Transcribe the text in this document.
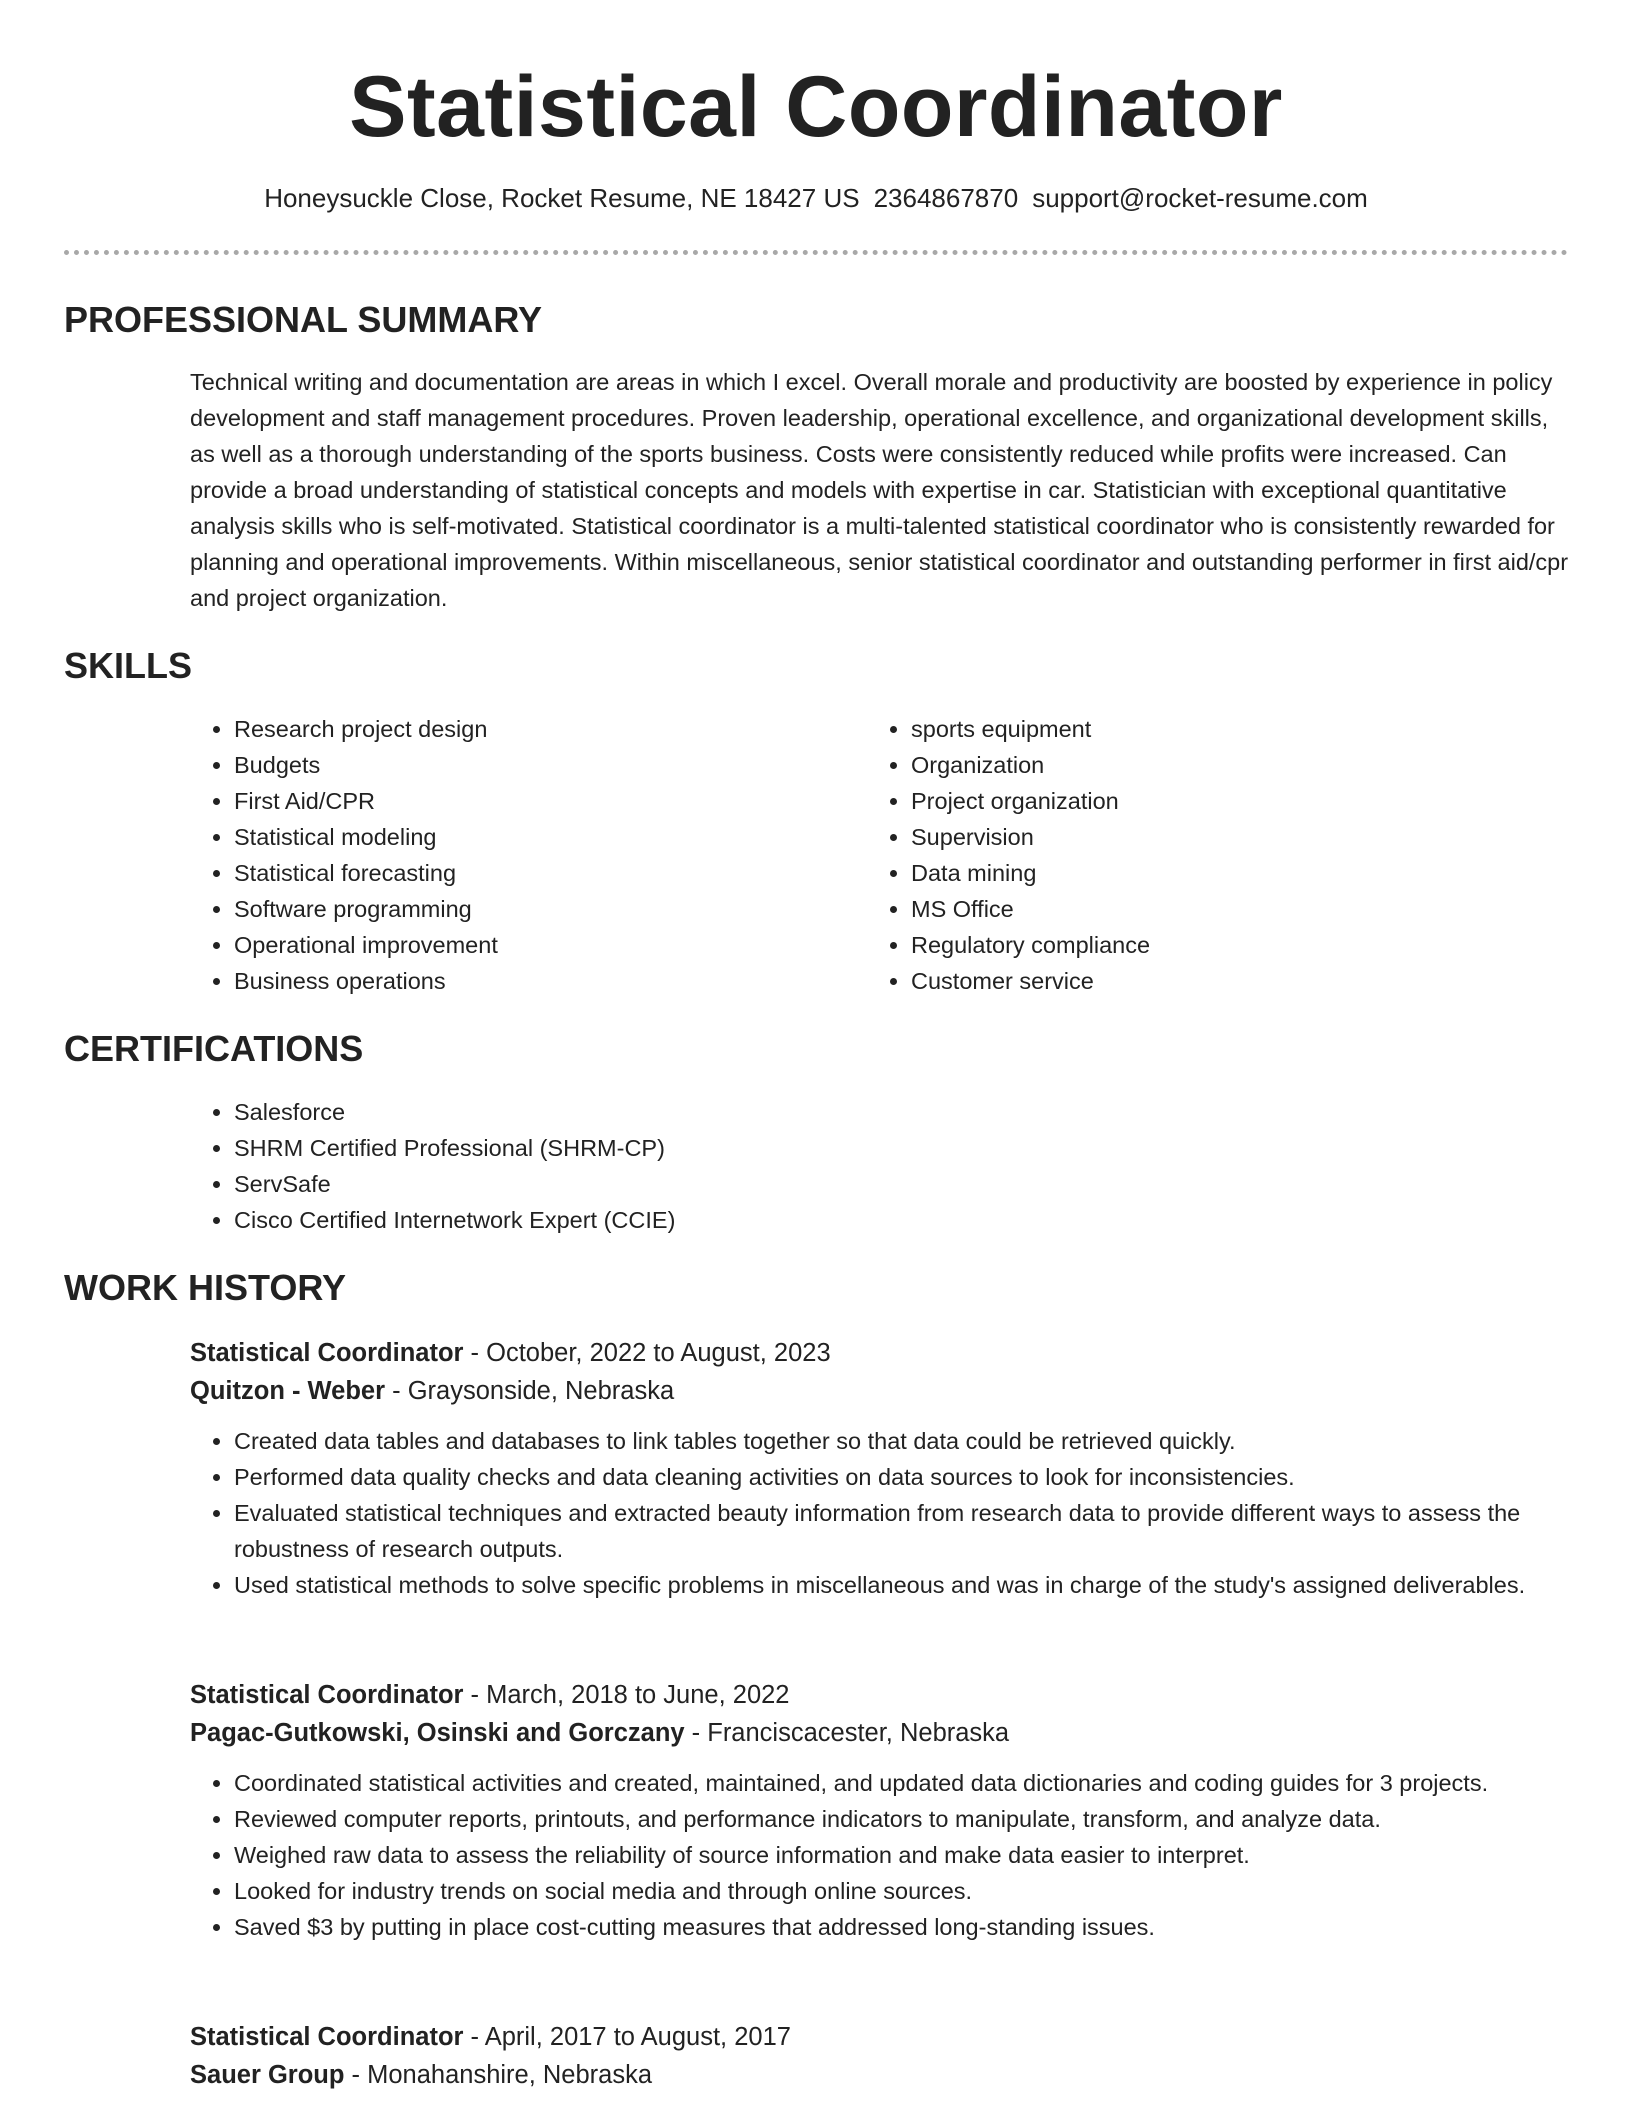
Statistical Coordinator
Honeysuckle Close, Rocket Resume, NE 18427 US 2364867870 support@rocket-resume.com
PROFESSIONAL SUMMARY
Technical writing and documentation are areas in which I excel. Overall morale and productivity are boosted by experience in policy development and staff management procedures. Proven leadership, operational excellence, and organizational development skills, as well as a thorough understanding of the sports business. Costs were consistently reduced while profits were increased. Can provide a broad understanding of statistical concepts and models with expertise in car. Statistician with exceptional quantitative analysis skills who is self-motivated. Statistical coordinator is a multi-talented statistical coordinator who is consistently rewarded for planning and operational improvements. Within miscellaneous, senior statistical coordinator and outstanding performer in first aid/cpr and project organization.
SKILLS
• Research project design
• Budgets
• First Aid/CPR
• Statistical modeling
• Statistical forecasting
• Software programming
• Operational improvement
• Business operations
• sports equipment
• Organization
• Project organization
• Supervision
• Data mining
• MS Office
• Regulatory compliance
• Customer service
CERTIFICATIONS
• Salesforce
• SHRM Certified Professional (SHRM-CP)
• ServSafe
• Cisco Certified Internetwork Expert (CCIE)
WORK HISTORY
Statistical Coordinator - October, 2022 to August, 2023
Quitzon - Weber - Graysonside, Nebraska
• Created data tables and databases to link tables together so that data could be retrieved quickly.
• Performed data quality checks and data cleaning activities on data sources to look for inconsistencies.
• Evaluated statistical techniques and extracted beauty information from research data to provide different ways to assess the robustness of research outputs.
• Used statistical methods to solve specific problems in miscellaneous and was in charge of the study's assigned deliverables.
Statistical Coordinator - March, 2018 to June, 2022
Pagac-Gutkowski, Osinski and Gorczany - Franciscacester, Nebraska
• Coordinated statistical activities and created, maintained, and updated data dictionaries and coding guides for 3 projects.
• Reviewed computer reports, printouts, and performance indicators to manipulate, transform, and analyze data.
• Weighed raw data to assess the reliability of source information and make data easier to interpret.
• Looked for industry trends on social media and through online sources.
• Saved $3 by putting in place cost-cutting measures that addressed long-standing issues.
Statistical Coordinator - April, 2017 to August, 2017
Sauer Group - Monahanshire, Nebraska
